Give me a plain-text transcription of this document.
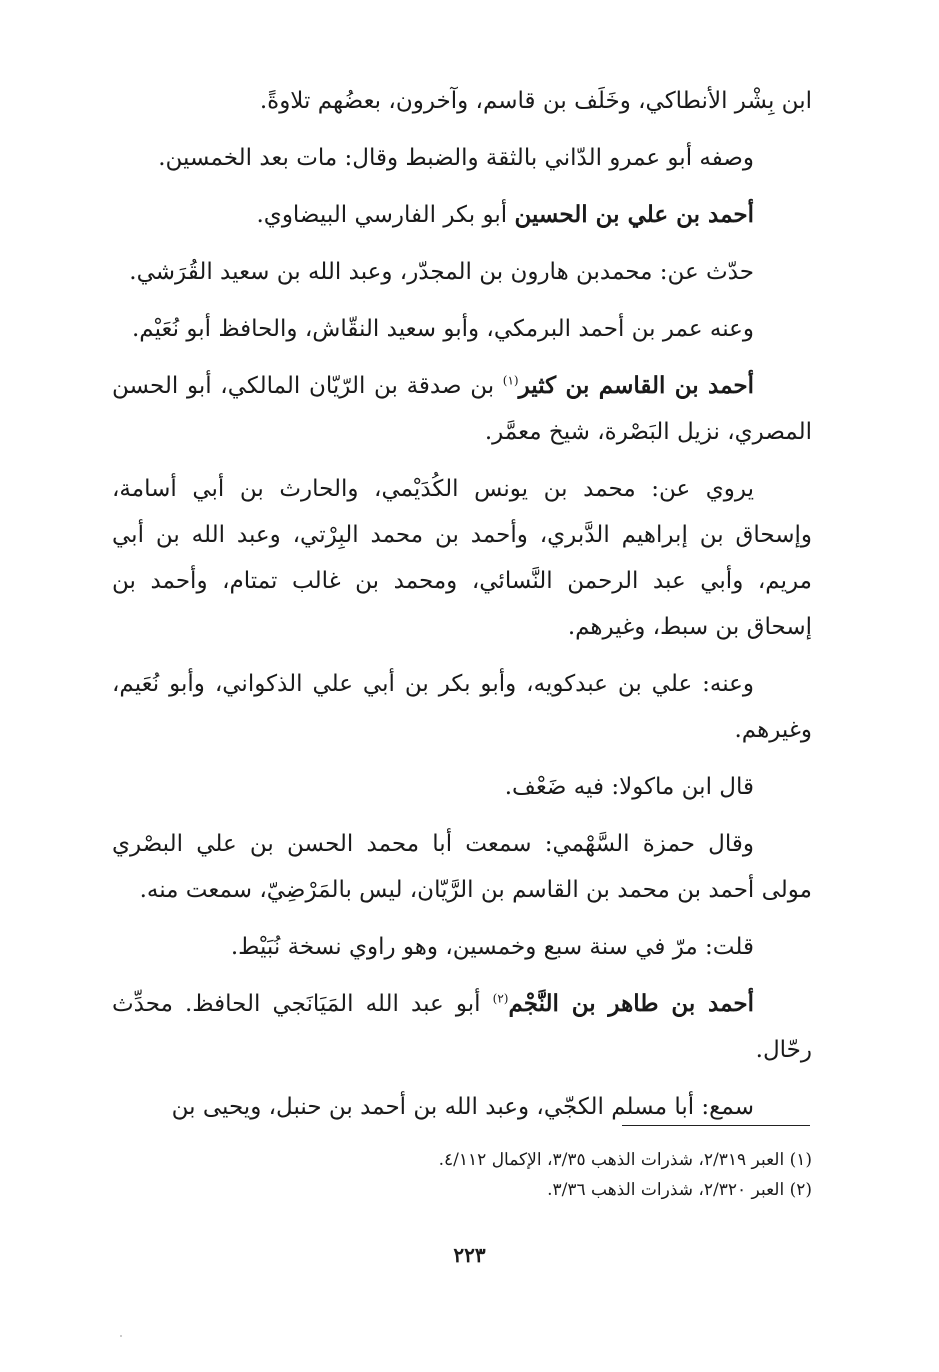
ابن بِشْر الأنطاكي، وخَلَف بن قاسم، وآخرون، بعضُهم تلاوةً.

وصفه أبو عمرو الدّاني بالثقة والضبط وقال: مات بعد الخمسين.

أحمد بن علي بن الحسين أبو بكر الفارسي البيضاوي.

حدّث عن: محمدبن هارون بن المجدّر، وعبد الله بن سعيد القُرَشي.

وعنه عمر بن أحمد البرمكي، وأبو سعيد النقّاش، والحافظ أبو نُعَيْم.

أحمد بن القاسم بن كثير$^{(١)}$ بن صدقة بن الرّيّان المالكي، أبو الحسن المصري، نزيل البَصْرة، شيخ معمَّر.

يروي عن: محمد بن يونس الكُدَيْمي، والحارث بن أبي أسامة، وإسحاق بن إبراهيم الدَّبري، وأحمد بن محمد البِرْتي، وعبد الله بن أبي مريم، وأبي عبد الرحمن النَّسائي، ومحمد بن غالب تمتام، وأحمد بن إسحاق بن سبط، وغيرهم.

وعنه: علي بن عبدكويه، وأبو بكر بن أبي علي الذكواني، وأبو نُعَيم، وغيرهم.

قال ابن ماكولا: فيه ضَعْف.

وقال حمزة السَّهْمي: سمعت أبا محمد الحسن بن علي البصْري مولى أحمد بن محمد بن القاسم بن الرَّيّان، ليس بالمَرْضِيّ، سمعت منه.

قلت: مرّ في سنة سبع وخمسين، وهو راوي نسخة نُبَيْط.

أحمد بن طاهر بن النَّجْم$^{(٢)}$ أبو عبد الله المَيَانَجي الحافظ. محدِّث رحّال.

سمع: أبا مسلم الكجّي، وعبد الله بن أحمد بن حنبل، ويحيى بن

(١) العبر ٢/٣١٩، شذرات الذهب ٣/٣٥، الإكمال ٤/١١٢.

(٢) العبر ٢/٣٢٠، شذرات الذهب ٣/٣٦.

٢٢٣
